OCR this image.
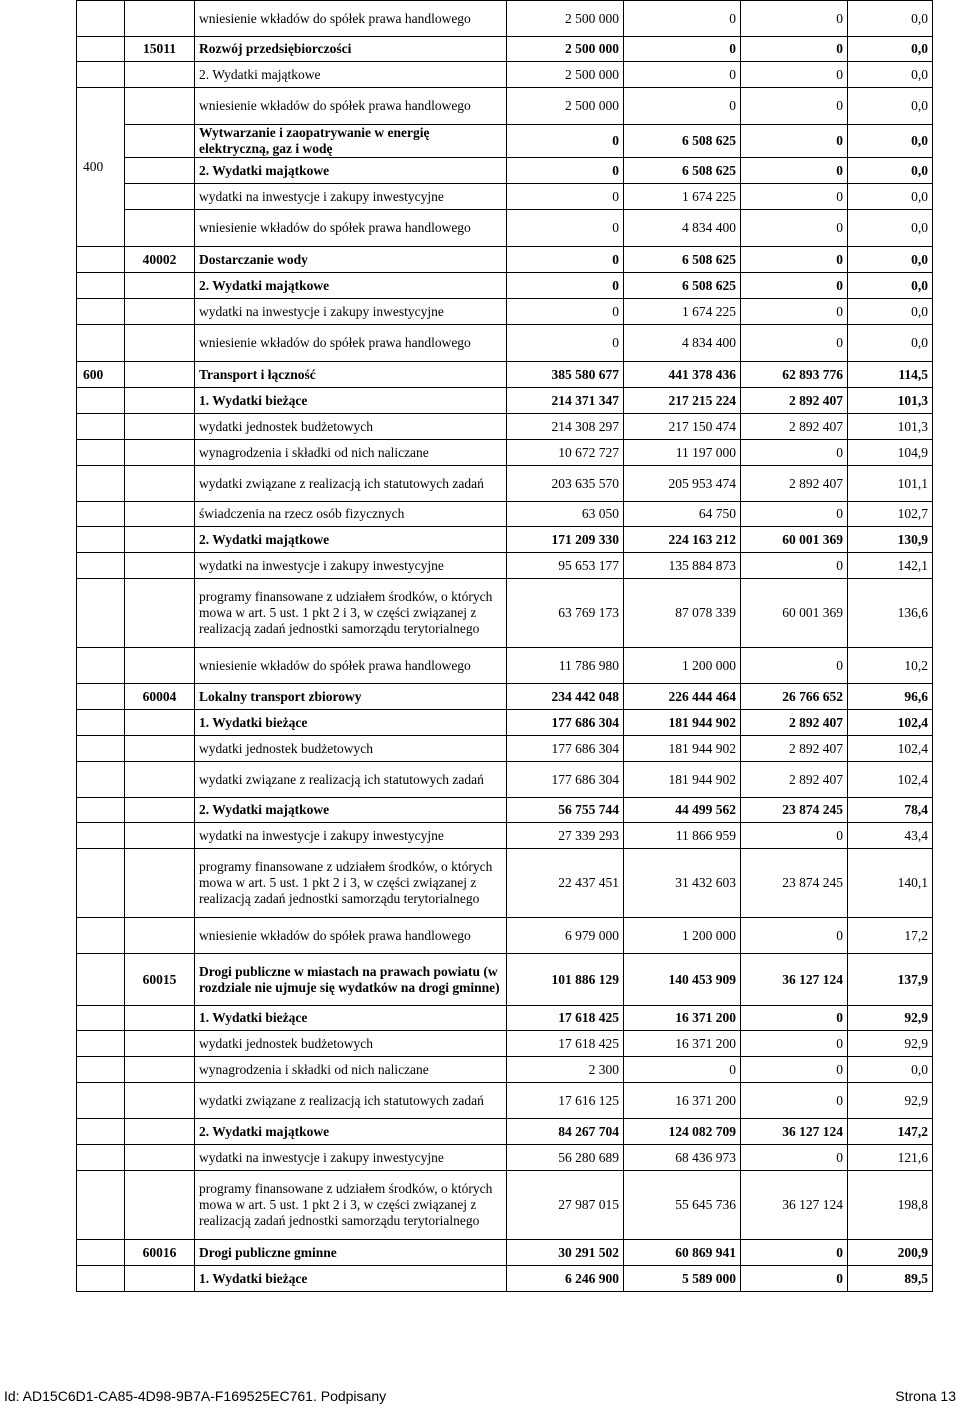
		wniesienie wkładów do spółek prawa handlowego	2 500 000	0	0	0,0
	15011	Rozwój przedsiębiorczości	2 500 000	0	0	0,0
		2. Wydatki majątkowe	2 500 000	0	0	0,0
400		wniesienie wkładów do spółek prawa handlowego	2 500 000	0	0	0,0
		Wytwarzanie i zaopatrywanie w energię elektryczną, gaz i wodę	0	6 508 625	0	0,0
		2. Wydatki majątkowe	0	6 508 625	0	0,0
		wydatki na inwestycje i zakupy inwestycyjne	0	1 674 225	0	0,0
		wniesienie wkładów do spółek prawa handlowego	0	4 834 400	0	0,0
	40002	Dostarczanie wody	0	6 508 625	0	0,0
		2. Wydatki majątkowe	0	6 508 625	0	0,0
		wydatki na inwestycje i zakupy inwestycyjne	0	1 674 225	0	0,0
		wniesienie wkładów do spółek prawa handlowego	0	4 834 400	0	0,0
600		Transport i łączność	385 580 677	441 378 436	62 893 776	114,5
		1. Wydatki bieżące	214 371 347	217 215 224	2 892 407	101,3
		wydatki jednostek budżetowych	214 308 297	217 150 474	2 892 407	101,3
		wynagrodzenia i składki od nich naliczane	10 672 727	11 197 000	0	104,9
		wydatki związane z realizacją ich statutowych zadań	203 635 570	205 953 474	2 892 407	101,1
		świadczenia na rzecz osób fizycznych	63 050	64 750	0	102,7
		2. Wydatki majątkowe	171 209 330	224 163 212	60 001 369	130,9
		wydatki na inwestycje i zakupy inwestycyjne	95 653 177	135 884 873	0	142,1
		programy finansowane z udziałem środków, o których mowa w art. 5 ust. 1 pkt 2 i 3, w części związanej z realizacją zadań jednostki samorządu terytorialnego	63 769 173	87 078 339	60 001 369	136,6
		wniesienie wkładów do spółek prawa handlowego	11 786 980	1 200 000	0	10,2
	60004	Lokalny transport zbiorowy	234 442 048	226 444 464	26 766 652	96,6
		1. Wydatki bieżące	177 686 304	181 944 902	2 892 407	102,4
		wydatki jednostek budżetowych	177 686 304	181 944 902	2 892 407	102,4
		wydatki związane z realizacją ich statutowych zadań	177 686 304	181 944 902	2 892 407	102,4
		2. Wydatki majątkowe	56 755 744	44 499 562	23 874 245	78,4
		wydatki na inwestycje i zakupy inwestycyjne	27 339 293	11 866 959	0	43,4
		programy finansowane z udziałem środków, o których mowa w art. 5 ust. 1 pkt 2 i 3, w części związanej z realizacją zadań jednostki samorządu terytorialnego	22 437 451	31 432 603	23 874 245	140,1
		wniesienie wkładów do spółek prawa handlowego	6 979 000	1 200 000	0	17,2
	60015	Drogi publiczne w miastach na prawach powiatu (w rozdziale nie ujmuje się wydatków na drogi gminne)	101 886 129	140 453 909	36 127 124	137,9
		1. Wydatki bieżące	17 618 425	16 371 200	0	92,9
		wydatki jednostek budżetowych	17 618 425	16 371 200	0	92,9
		wynagrodzenia i składki od nich naliczane	2 300	0	0	0,0
		wydatki związane z realizacją ich statutowych zadań	17 616 125	16 371 200	0	92,9
		2. Wydatki majątkowe	84 267 704	124 082 709	36 127 124	147,2
		wydatki na inwestycje i zakupy inwestycyjne	56 280 689	68 436 973	0	121,6
		programy finansowane z udziałem środków, o których mowa w art. 5 ust. 1 pkt 2 i 3, w części związanej z realizacją zadań jednostki samorządu terytorialnego	27 987 015	55 645 736	36 127 124	198,8
	60016	Drogi publiczne gminne	30 291 502	60 869 941	0	200,9
		1. Wydatki bieżące	6 246 900	5 589 000	0	89,5
Id: AD15C6D1-CA85-4D98-9B7A-F169525EC761. Podpisany	Strona 13
